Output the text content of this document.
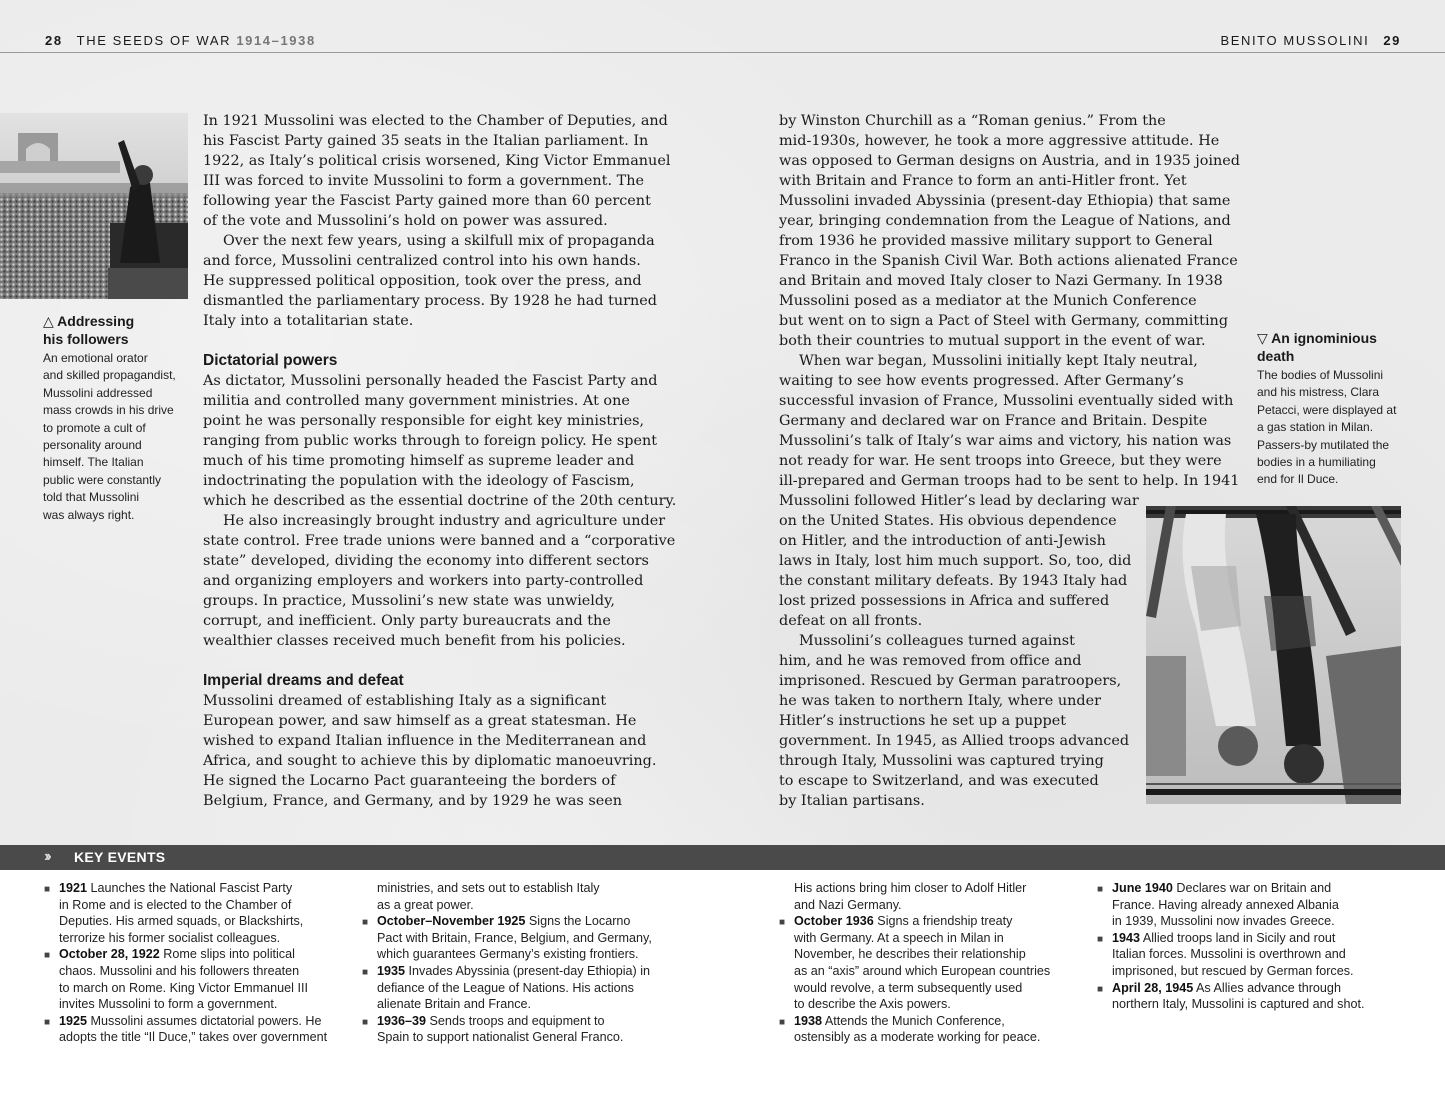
28 THE SEEDS OF WAR 1914–1938	BENITO MUSSOLINI 29
△ Addressing
his followers
An emotional orator
and skilled propagandist,
Mussolini addressed
mass crowds in his drive
to promote a cult of
personality around
himself. The Italian
public were constantly
told that Mussolini
was always right.
In 1921 Mussolini was elected to the Chamber of Deputies, and
his Fascist Party gained 35 seats in the Italian parliament. In
1922, as Italy’s political crisis worsened, King Victor Emmanuel
III was forced to invite Mussolini to form a government. The
following year the Fascist Party gained more than 60 percent
of the vote and Mussolini’s hold on power was assured.
Over the next few years, using a skilfull mix of propaganda
and force, Mussolini centralized control into his own hands.
He suppressed political opposition, took over the press, and
dismantled the parliamentary process. By 1928 he had turned
Italy into a totalitarian state.
Dictatorial powers
As dictator, Mussolini personally headed the Fascist Party and
militia and controlled many government ministries. At one
point he was personally responsible for eight key ministries,
ranging from public works through to foreign policy. He spent
much of his time promoting himself as supreme leader and
indoctrinating the population with the ideology of Fascism,
which he described as the essential doctrine of the 20th century.
He also increasingly brought industry and agriculture under
state control. Free trade unions were banned and a “corporative
state” developed, dividing the economy into different sectors
and organizing employers and workers into party-controlled
groups. In practice, Mussolini’s new state was unwieldy,
corrupt, and inefficient. Only party bureaucrats and the
wealthier classes received much benefit from his policies.
Imperial dreams and defeat
Mussolini dreamed of establishing Italy as a significant
European power, and saw himself as a great statesman. He
wished to expand Italian influence in the Mediterranean and
Africa, and sought to achieve this by diplomatic manoeuvring.
He signed the Locarno Pact guaranteeing the borders of
Belgium, France, and Germany, and by 1929 he was seen
by Winston Churchill as a “Roman genius.” From the
mid-1930s, however, he took a more aggressive attitude. He
was opposed to German designs on Austria, and in 1935 joined
with Britain and France to form an anti-Hitler front. Yet
Mussolini invaded Abyssinia (present-day Ethiopia) that same
year, bringing condemnation from the League of Nations, and
from 1936 he provided massive military support to General
Franco in the Spanish Civil War. Both actions alienated France
and Britain and moved Italy closer to Nazi Germany. In 1938
Mussolini posed as a mediator at the Munich Conference
but went on to sign a Pact of Steel with Germany, committing
both their countries to mutual support in the event of war.
When war began, Mussolini initially kept Italy neutral,
waiting to see how events progressed. After Germany’s
successful invasion of France, Mussolini eventually sided with
Germany and declared war on France and Britain. Despite
Mussolini’s talk of Italy’s war aims and victory, his nation was
not ready for war. He sent troops into Greece, but they were
ill-prepared and German troops had to be sent to help. In 1941
Mussolini followed Hitler’s lead by declaring war
on the United States. His obvious dependence
on Hitler, and the introduction of anti-Jewish
laws in Italy, lost him much support. So, too, did
the constant military defeats. By 1943 Italy had
lost prized possessions in Africa and suffered
defeat on all fronts.
Mussolini’s colleagues turned against
him, and he was removed from office and
imprisoned. Rescued by German paratroopers,
he was taken to northern Italy, where under
Hitler’s instructions he set up a puppet
government. In 1945, as Allied troops advanced
through Italy, Mussolini was captured trying
to escape to Switzerland, and was executed
by Italian partisans.
▽ An ignominious
death
The bodies of Mussolini
and his mistress, Clara
Petacci, were displayed at
a gas station in Milan.
Passers-by mutilated the
bodies in a humiliating
end for Il Duce.
›› KEY EVENTS
■ 1921 Launches the National Fascist Party
in Rome and is elected to the Chamber of
Deputies. His armed squads, or Blackshirts,
terrorize his former socialist colleagues.
■ October 28, 1922 Rome slips into political
chaos. Mussolini and his followers threaten
to march on Rome. King Victor Emmanuel III
invites Mussolini to form a government.
■ 1925 Mussolini assumes dictatorial powers. He
adopts the title “Il Duce,” takes over government
ministries, and sets out to establish Italy
as a great power.
■ October–November 1925 Signs the Locarno
Pact with Britain, France, Belgium, and Germany,
which guarantees Germany’s existing frontiers.
■ 1935 Invades Abyssinia (present-day Ethiopia) in
defiance of the League of Nations. His actions
alienate Britain and France.
■ 1936–39 Sends troops and equipment to
Spain to support nationalist General Franco.
His actions bring him closer to Adolf Hitler
and Nazi Germany.
■ October 1936 Signs a friendship treaty
with Germany. At a speech in Milan in
November, he describes their relationship
as an “axis” around which European countries
would revolve, a term subsequently used
to describe the Axis powers.
■ 1938 Attends the Munich Conference,
ostensibly as a moderate working for peace.
■ June 1940 Declares war on Britain and
France. Having already annexed Albania
in 1939, Mussolini now invades Greece.
■ 1943 Allied troops land in Sicily and rout
Italian forces. Mussolini is overthrown and
imprisoned, but rescued by German forces.
■ April 28, 1945 As Allies advance through
northern Italy, Mussolini is captured and shot.
